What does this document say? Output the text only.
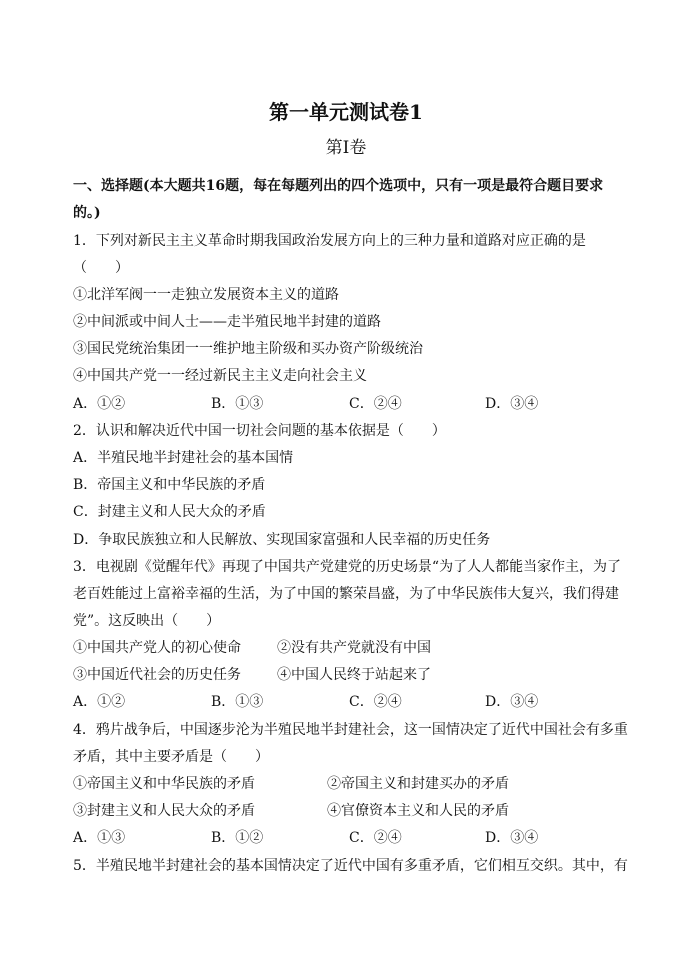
第一单元测试卷1
第Ⅰ卷
一、选择题(本大题共16题，每在每题列出的四个选项中，只有一项是最符合题目要求
的。)
1．下列对新民主主义革命时期我国政治发展方向上的三种力量和道路对应正确的是
（　　）
①北洋军阀一一走独立发展资本主义的道路
②中间派或中间人士——走半殖民地半封建的道路
③国民党统治集团一一维护地主阶级和买办资产阶级统治
④中国共产党一一经过新民主主义走向社会主义
A．①②	B．①③	C．②④	D．③④
2．认识和解决近代中国一切社会问题的基本依据是（　　）
A．半殖民地半封建社会的基本国情
B．帝国主义和中华民族的矛盾
C．封建主义和人民大众的矛盾
D．争取民族独立和人民解放、实现国家富强和人民幸福的历史任务
3．电视剧《觉醒年代》再现了中国共产党建党的历史场景“为了人人都能当家作主，为了
老百姓能过上富裕幸福的生活，为了中国的繁荣昌盛，为了中华民族伟大复兴，我们得建
党”。这反映出（　　）
①中国共产党人的初心使命	②没有共产党就没有中国
③中国近代社会的历史任务	④中国人民终于站起来了
A．①②	B．①③	C．②④	D．③④
4．鸦片战争后，中国逐步沦为半殖民地半封建社会，这一国情决定了近代中国社会有多重
矛盾，其中主要矛盾是（　　）
①帝国主义和中华民族的矛盾	②帝国主义和封建买办的矛盾
③封建主义和人民大众的矛盾	④官僚资本主义和人民的矛盾
A．①③	B．①②	C．②④	D．③④
5．半殖民地半封建社会的基本国情决定了近代中国有多重矛盾，它们相互交织。其中，有
